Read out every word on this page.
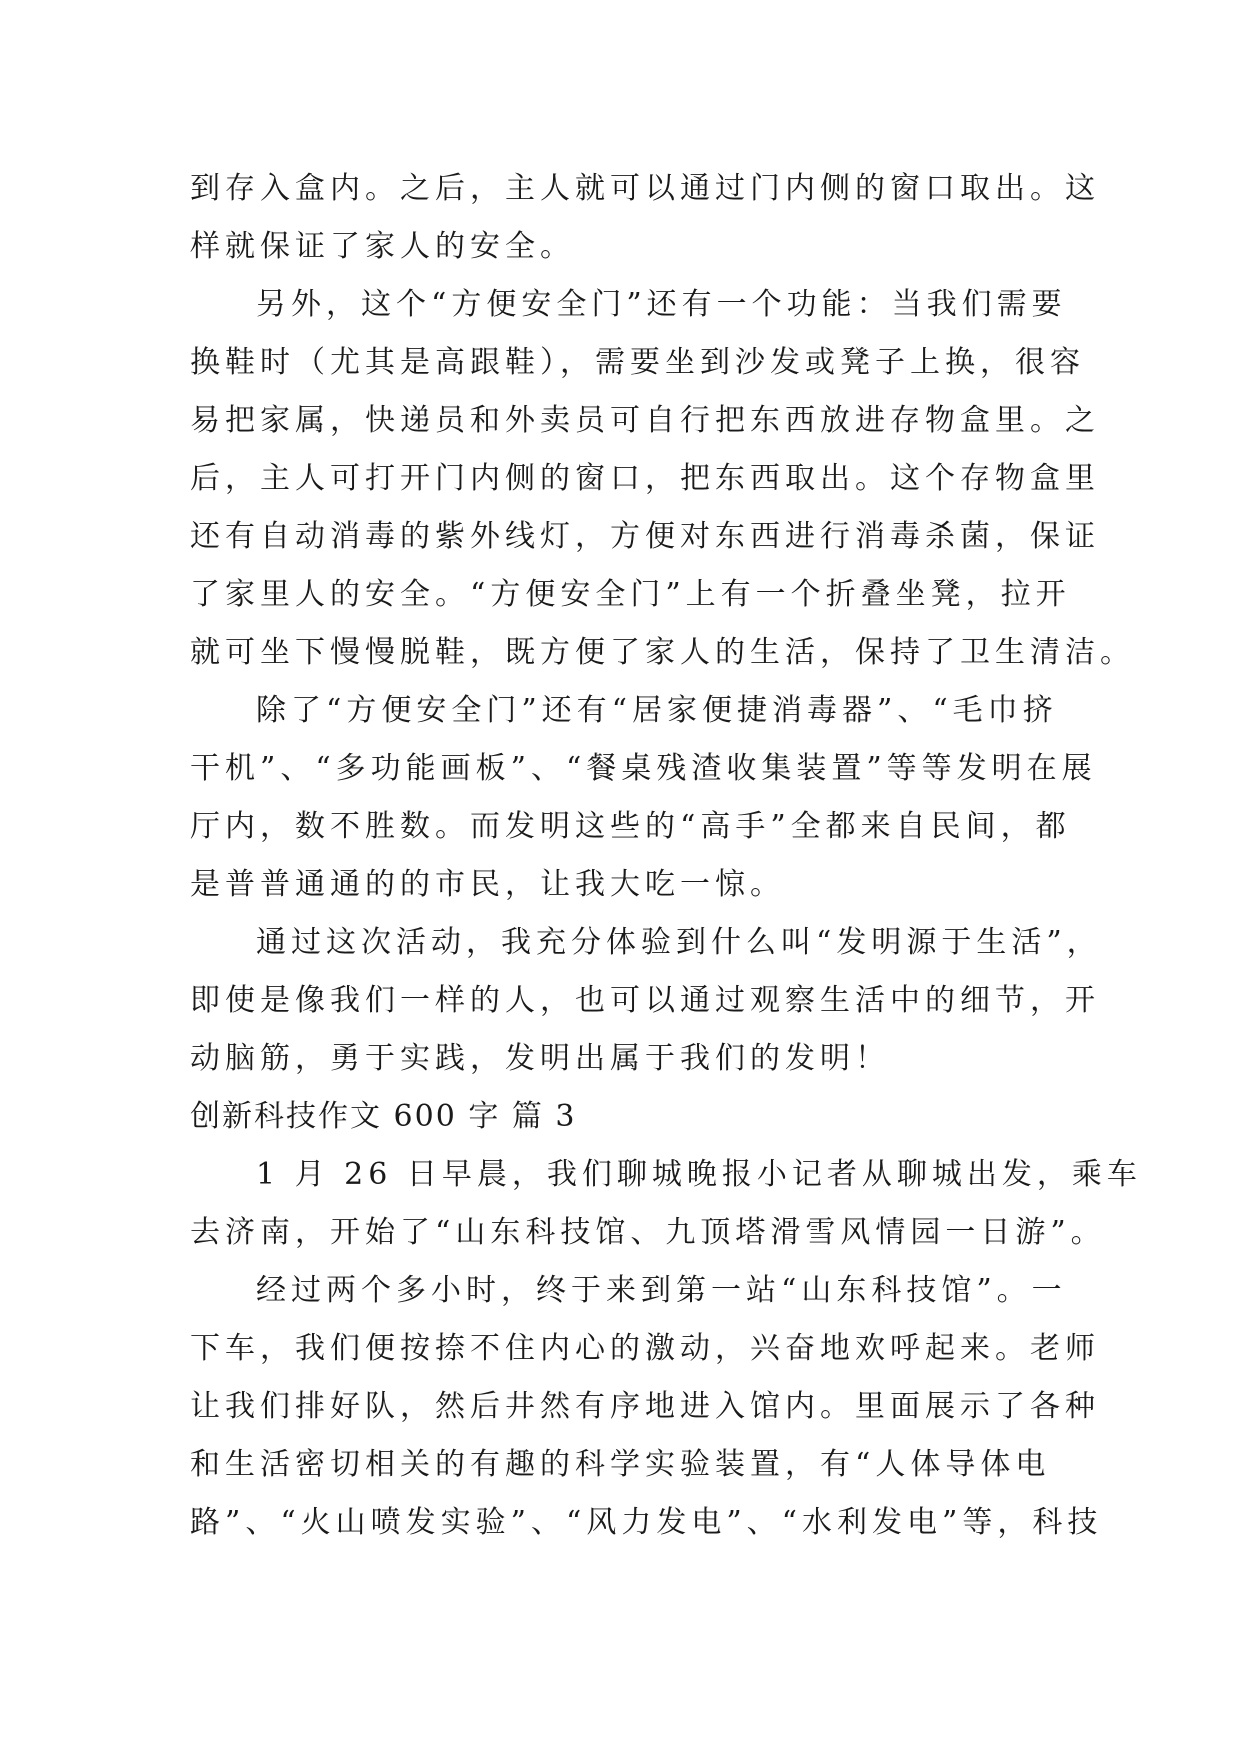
到存入盒内。之后，主人就可以通过门内侧的窗口取出。这
样就保证了家人的安全。
另外，这个“方便安全门”还有一个功能：当我们需要
换鞋时（尤其是高跟鞋），需要坐到沙发或凳子上换，很容
易把家属，快递员和外卖员可自行把东西放进存物盒里。之
后，主人可打开门内侧的窗口，把东西取出。这个存物盒里
还有自动消毒的紫外线灯，方便对东西进行消毒杀菌，保证
了家里人的安全。“方便安全门”上有一个折叠坐凳，拉开
就可坐下慢慢脱鞋，既方便了家人的生活，保持了卫生清洁。
除了“方便安全门”还有“居家便捷消毒器”、“毛巾挤
干机”、“多功能画板”、“餐桌残渣收集装置”等等发明在展
厅内，数不胜数。而发明这些的“高手”全都来自民间，都
是普普通通的的市民，让我大吃一惊。
通过这次活动，我充分体验到什么叫“发明源于生活”，
即使是像我们一样的人，也可以通过观察生活中的细节，开
动脑筋，勇于实践，发明出属于我们的发明！
创新科技作文 600 字 篇 3
1 月 26 日早晨，我们聊城晚报小记者从聊城出发，乘车
去济南，开始了“山东科技馆、九顶塔滑雪风情园一日游”。
经过两个多小时，终于来到第一站“山东科技馆”。一
下车，我们便按捺不住内心的激动，兴奋地欢呼起来。老师
让我们排好队，然后井然有序地进入馆内。里面展示了各种
和生活密切相关的有趣的科学实验装置，有“人体导体电
路”、“火山喷发实验”、“风力发电”、“水利发电”等，科技
